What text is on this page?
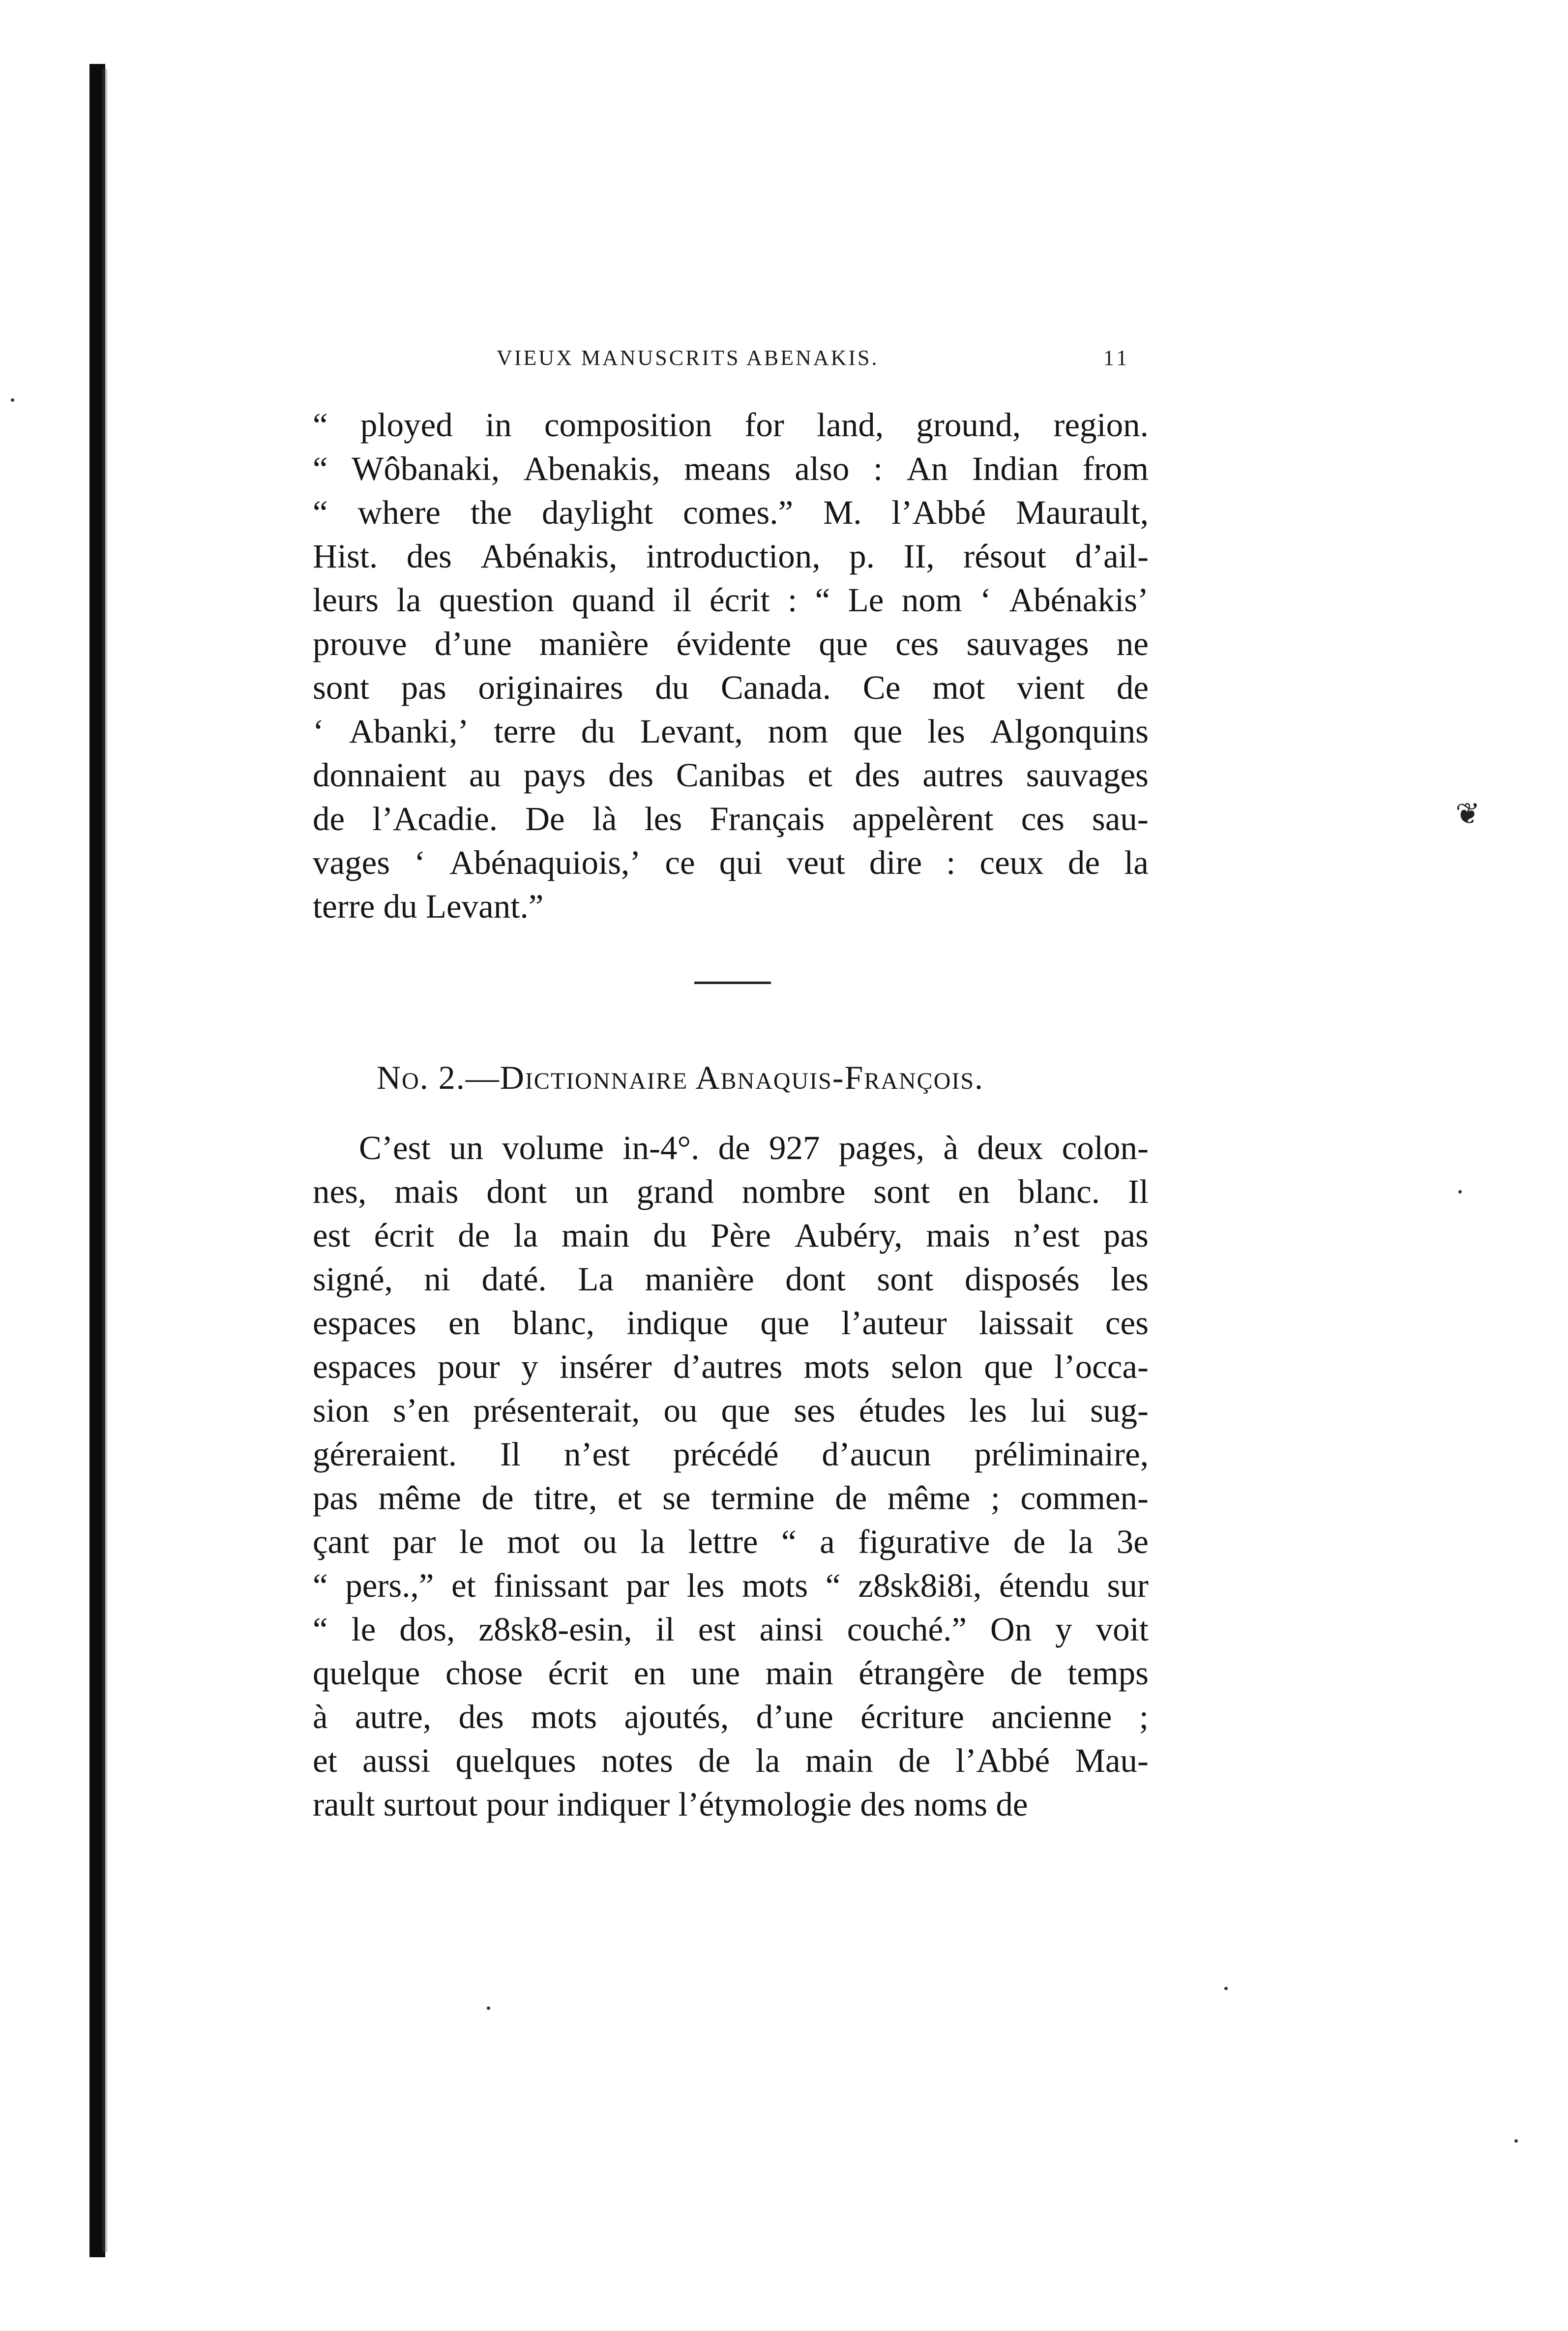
VIEUX MANUSCRITS ABENAKIS.	11
“ ployed in composition for land, ground, region.
“ Wôbanaki, Abenakis, means also : An Indian from
“ where the daylight comes.” M. l’Abbé Maurault,
Hist. des Abénakis, introduction, p. II, résout d’ail-
leurs la question quand il écrit : “ Le nom ‘ Abénakis’
prouve d’une manière évidente que ces sauvages ne
sont pas originaires du Canada. Ce mot vient de
‘ Abanki,’ terre du Levant, nom que les Algonquins
donnaient au pays des Canibas et des autres sauvages
de l’Acadie. De là les Français appelèrent ces sau-
vages ‘ Abénaquiois,’ ce qui veut dire : ceux de la
terre du Levant.”
No. 2.—Dictionnaire Abnaquis-François.
C’est un volume in-4°. de 927 pages, à deux colon-
nes, mais dont un grand nombre sont en blanc. Il
est écrit de la main du Père Aubéry, mais n’est pas
signé, ni daté. La manière dont sont disposés les
espaces en blanc, indique que l’auteur laissait ces
espaces pour y insérer d’autres mots selon que l’occa-
sion s’en présenterait, ou que ses études les lui sug-
géreraient. Il n’est précédé d’aucun préliminaire,
pas même de titre, et se termine de même ; commen-
çant par le mot ou la lettre “ a figurative de la 3e
“ pers.,” et finissant par les mots “ z8sk8i8i, étendu sur
“ le dos, z8sk8-esin, il est ainsi couché.” On y voit
quelque chose écrit en une main étrangère de temps
à autre, des mots ajoutés, d’une écriture ancienne ;
et aussi quelques notes de la main de l’Abbé Mau-
rault surtout pour indiquer l’étymologie des noms de
❦
